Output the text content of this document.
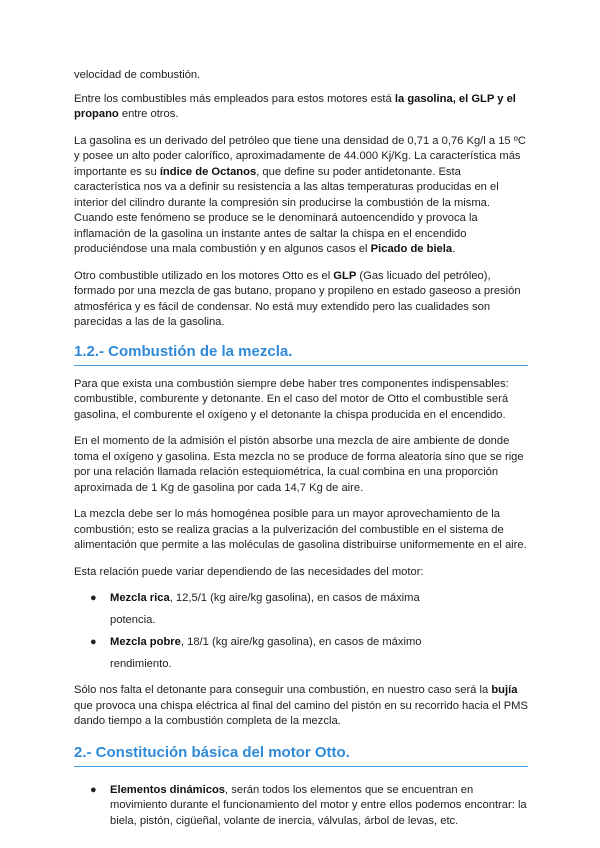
velocidad de combustión.

Entre los combustibles más empleados para estos motores está la gasolina, el GLP y el propano entre otros.

La gasolina es un derivado del petróleo que tiene una densidad de 0,71 a 0,76 Kg/l a 15 ºC y posee un alto poder calorífico, aproximadamente de 44.000 Kj/Kg. La característica más importante es su índice de Octanos, que define su poder antidetonante. Esta característica nos va a definir su resistencia a las altas temperaturas producidas en el interior del cilindro durante la compresión sin producirse la combustión de la misma. Cuando este fenómeno se produce se le denominará autoencendido y provoca la inflamación de la gasolina un instante antes de saltar la chispa en el encendido produciéndose una mala combustión y en algunos casos el Picado de biela.

Otro combustible utilizado en los motores Otto es el GLP (Gas licuado del petróleo), formado por una mezcla de gas butano, propano y propileno en estado gaseoso a presión atmosférica y es fácil de condensar. No está muy extendido pero las cualidades son parecidas a las de la gasolina.

1.2.- Combustión de la mezcla.

Para que exista una combustión siempre debe haber tres componentes indispensables: combustible, comburente y detonante. En el caso del motor de Otto el combustible será gasolina, el comburente el oxígeno y el detonante la chispa producida en el encendido.

En el momento de la admisión el pistón absorbe una mezcla de aire ambiente de donde toma el oxígeno y gasolina. Esta mezcla no se produce de forma aleatoria sino que se rige por una relación llamada relación estequiométrica, la cual combina en una proporción aproximada de 1 Kg de gasolina por cada 14,7 Kg de aire.

La mezcla debe ser lo más homogénea posible para un mayor aprovechamiento de la combustión; esto se realiza gracias a la pulverización del combustible en el sistema de alimentación que permite a las moléculas de gasolina distribuirse uniformemente en el aire.

Esta relación puede variar dependiendo de las necesidades del motor:

●	Mezcla rica, 12,5/1 (kg aire/kg gasolina), en casos de máxima
potencia.
●	Mezcla pobre, 18/1 (kg aire/kg gasolina), en casos de máximo
rendimiento.

Sólo nos falta el detonante para conseguir una combustión, en nuestro caso será la bujía que provoca una chispa eléctrica al final del camino del pistón en su recorrido hacia el PMS dando tiempo a la combustión completa de la mezcla.

2.- Constitución básica del motor Otto.
●	Elementos dinámicos, serán todos los elementos que se encuentran en movimiento durante el funcionamiento del motor y entre ellos podemos encontrar: la biela, pistón, cigüeñal, volante de inercia, válvulas, árbol de levas, etc.
